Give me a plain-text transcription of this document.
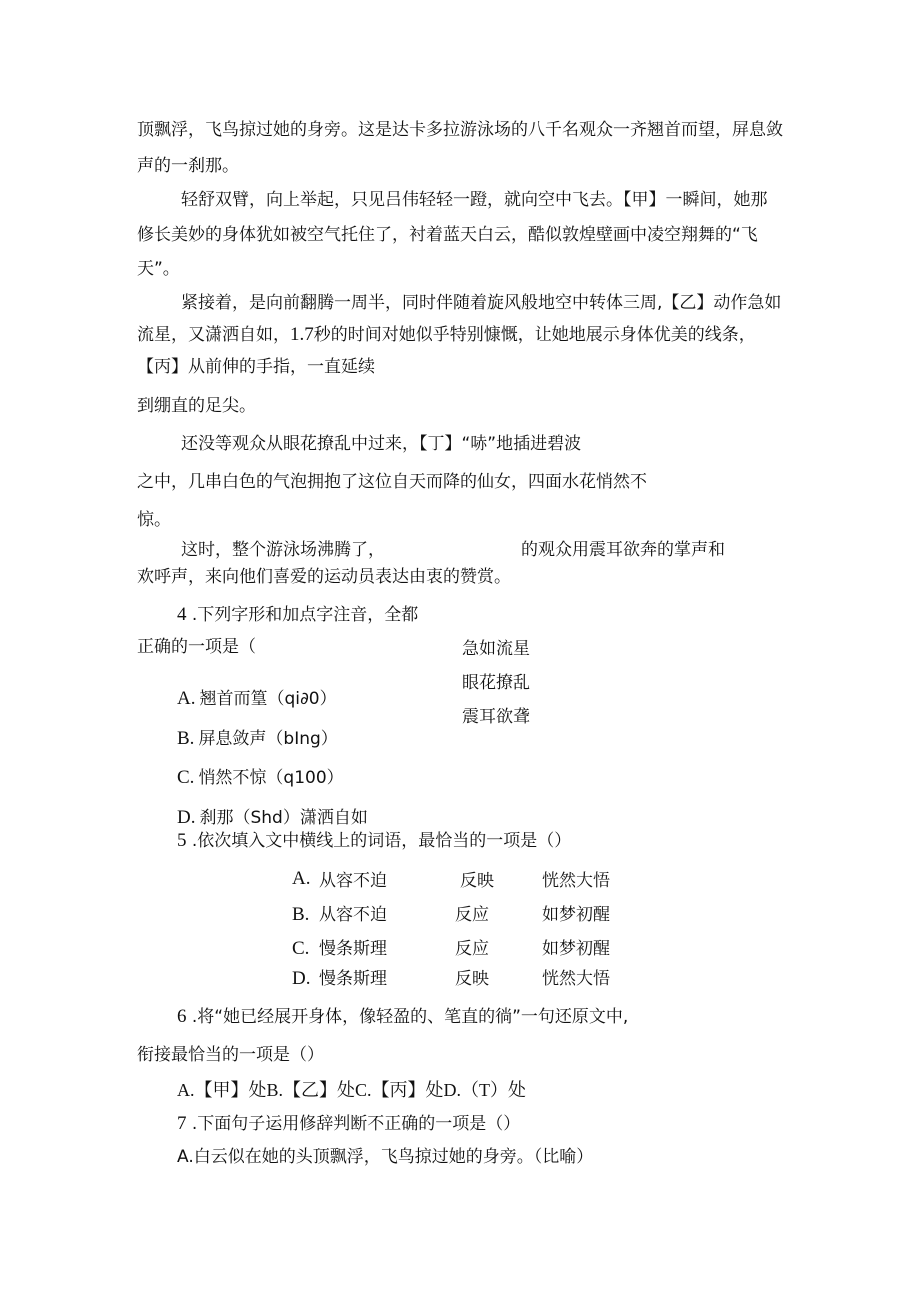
顶飘浮，飞鸟掠过她的身旁。这是达卡多拉游泳场的八千名观众一齐翘首而望，屏息敛

声的一刹那。

轻舒双臂，向上举起，只见吕伟轻轻一蹬，就向空中飞去。【甲】一瞬间，她那

修长美妙的身体犹如被空气托住了，衬着蓝天白云，酷似敦煌壁画中凌空翔舞的“飞

天”。

紧接着，是向前翻腾一周半，同时伴随着旋风般地空中转体三周,【乙】动作急如

流星，又潇洒自如，1.7秒的时间对她似乎特别慷慨，让她地展示身体优美的线条，

【丙】从前伸的手指，一直延续

到绷直的足尖。

还没等观众从眼花撩乱中过来，【丁】“哧”地插进碧波

之中，几串白色的气泡拥抱了这位自天而降的仙女，四面水花悄然不

惊。

这时，整个游泳场沸腾了，	的观众用震耳欲奔的掌声和

欢呼声，来向他们喜爱的运动员表达由衷的赞赏。

4 .下列字形和加点字注音，全都

正确的一项是（	急如流星

眼花撩乱

震耳欲聋

A. 翘首而篁（qi∂0）

B. 屏息敛声（bIng）

C. 悄然不惊（q100）

D. 刹那（Shd）潇洒自如

5 .依次填入文中横线上的词语，最恰当的一项是（）

A. 从容不迫	反映	恍然大悟
B. 从容不迫	反应	如梦初醒
C. 慢条斯理	反应	如梦初醒
D. 慢条斯理	反映	恍然大悟

6 .将“她已经展开身体，像轻盈的、笔直的徜”一句还原文中,

衔接最恰当的一项是（）

A.【甲】处B.【乙】处C.【丙】处D.（T）处

7 .下面句子运用修辞判断不正确的一项是（）

A.白云似在她的头顶飘浮，飞鸟掠过她的身旁。（比喻）
